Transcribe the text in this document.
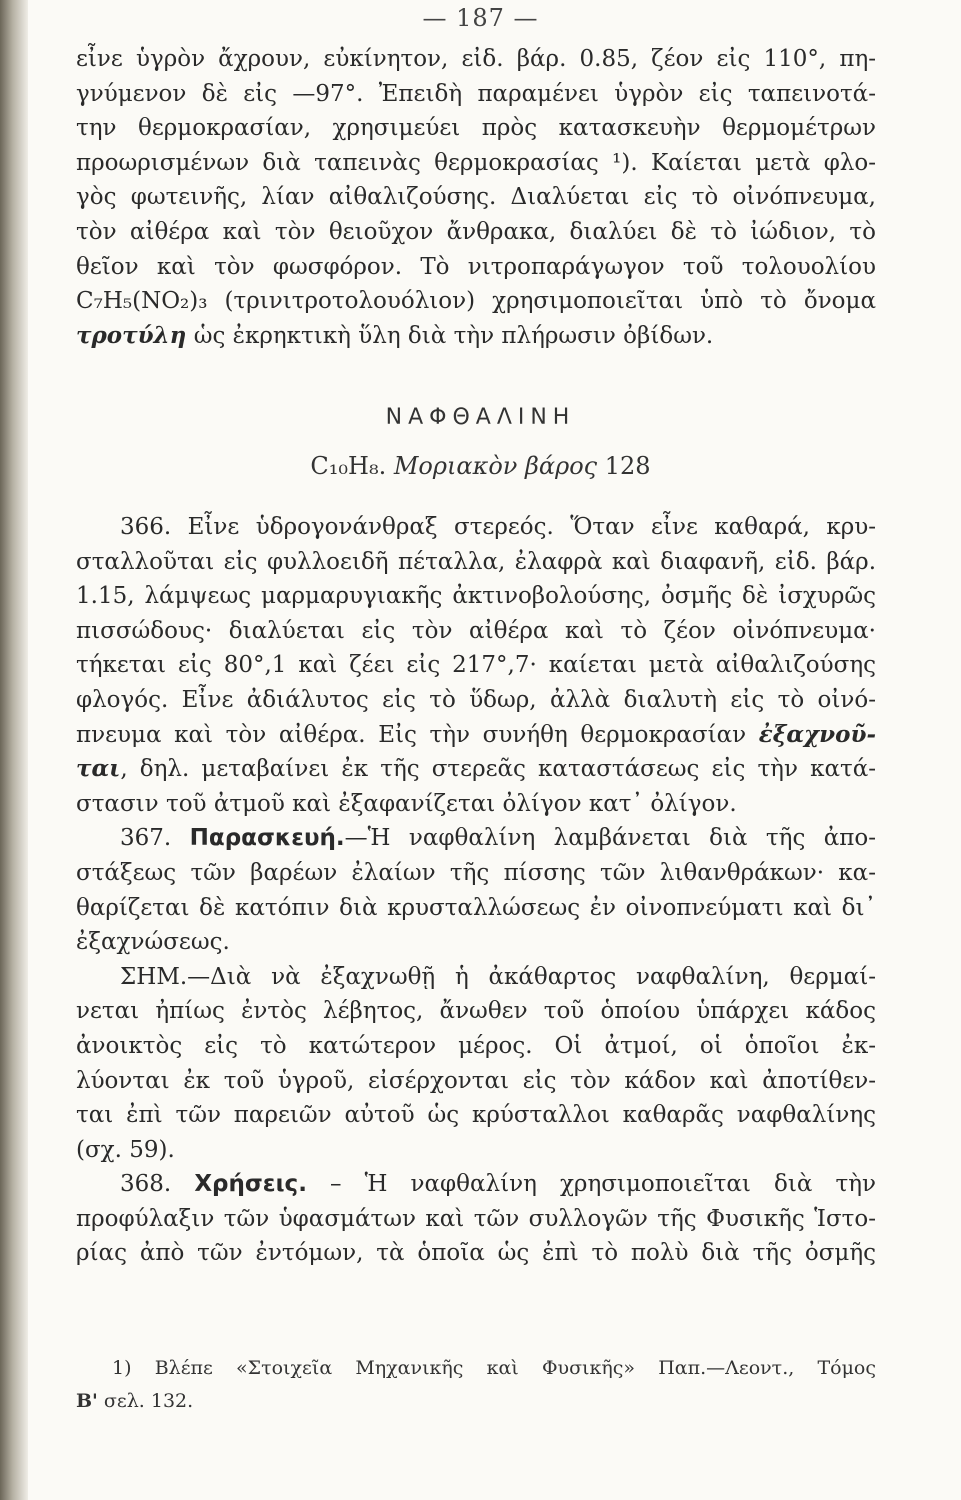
— 187 —
εἶνε ὑγρὸν ἄχρουν, εὐκίνητον, εἰδ. βάρ. 0.85, ζέον εἰς 110°, πη-
γνύμενον δὲ εἰς —97°. Ἐπειδὴ παραμένει ὑγρὸν εἰς ταπεινοτά-
την θερμοκρασίαν, χρησιμεύει πρὸς κατασκευὴν θερμομέτρων
προωρισμένων διὰ ταπεινὰς θερμοκρασίας ¹). Καίεται μετὰ φλο-
γὸς φωτεινῆς, λίαν αἰθαλιζούσης. Διαλύεται εἰς τὸ οἰνόπνευμα,
τὸν αἰθέρα καὶ τὸν θειοῦχον ἄνθρακα, διαλύει δὲ τὸ ἰώδιον, τὸ
θεῖον καὶ τὸν φωσφόρον. Τὸ νιτροπαράγωγον τοῦ τολουολίου
C₇H₅(NO₂)₃ (τρινιτροτολουόλιον) χρησιμοποιεῖται ὑπὸ τὸ ὄνομα
τροτύλη ὡς ἐκρηκτικὴ ὕλη διὰ τὴν πλήρωσιν ὀβίδων.
ΝΑΦΘΑΛΙΝΗ
C₁₀H₈. Μοριακὸν βάρος 128
366. Εἶνε ὑδρογονάνθραξ στερεός. Ὅταν εἶνε καθαρά, κρυ-
σταλλοῦται εἰς φυλλοειδῆ πέταλλα, ἐλαφρὰ καὶ διαφανῆ, εἰδ. βάρ.
1.15, λάμψεως μαρμαρυγιακῆς ἀκτινοβολούσης, ὀσμῆς δὲ ἰσχυρῶς
πισσώδους· διαλύεται εἰς τὸν αἰθέρα καὶ τὸ ζέον οἰνόπνευμα·
τήκεται εἰς 80°,1 καὶ ζέει εἰς 217°,7· καίεται μετὰ αἰθαλιζούσης
φλογός. Εἶνε ἀδιάλυτος εἰς τὸ ὕδωρ, ἀλλὰ διαλυτὴ εἰς τὸ οἰνό-
πνευμα καὶ τὸν αἰθέρα. Εἰς τὴν συνήθη θερμοκρασίαν ἐξαχνοῦ-
ται, δηλ. μεταβαίνει ἐκ τῆς στερεᾶς καταστάσεως εἰς τὴν κατά-
στασιν τοῦ ἀτμοῦ καὶ ἐξαφανίζεται ὀλίγον κατ᾽ ὀλίγον.
367. Παρασκευή.—Ἡ ναφθαλίνη λαμβάνεται διὰ τῆς ἀπο-
στάξεως τῶν βαρέων ἐλαίων τῆς πίσσης τῶν λιθανθράκων· κα-
θαρίζεται δὲ κατόπιν διὰ κρυσταλλώσεως ἐν οἰνοπνεύματι καὶ δι᾽
ἐξαχνώσεως.
ΣΗΜ.—Διὰ νὰ ἐξαχνωθῇ ἡ ἀκάθαρτος ναφθαλίνη, θερμαί-
νεται ἠπίως ἐντὸς λέβητος, ἄνωθεν τοῦ ὁποίου ὑπάρχει κάδος
ἀνοικτὸς εἰς τὸ κατώτερον μέρος. Οἱ ἀτμοί, οἱ ὁποῖοι ἐκ-
λύονται ἐκ τοῦ ὑγροῦ, εἰσέρχονται εἰς τὸν κάδον καὶ ἀποτίθεν-
ται ἐπὶ τῶν παρειῶν αὐτοῦ ὡς κρύσταλλοι καθαρᾶς ναφθαλίνης
(σχ. 59).
368. Χρήσεις. – Ἡ ναφθαλίνη χρησιμοποιεῖται διὰ τὴν
προφύλαξιν τῶν ὑφασμάτων καὶ τῶν συλλογῶν τῆς Φυσικῆς Ἱστο-
ρίας ἀπὸ τῶν ἐντόμων, τὰ ὁποῖα ὡς ἐπὶ τὸ πολὺ διὰ τῆς ὀσμῆς
1) Βλέπε «Στοιχεῖα Μηχανικῆς καὶ Φυσικῆς» Παπ.—Λεοντ., Τόμος
Β' σελ. 132.
